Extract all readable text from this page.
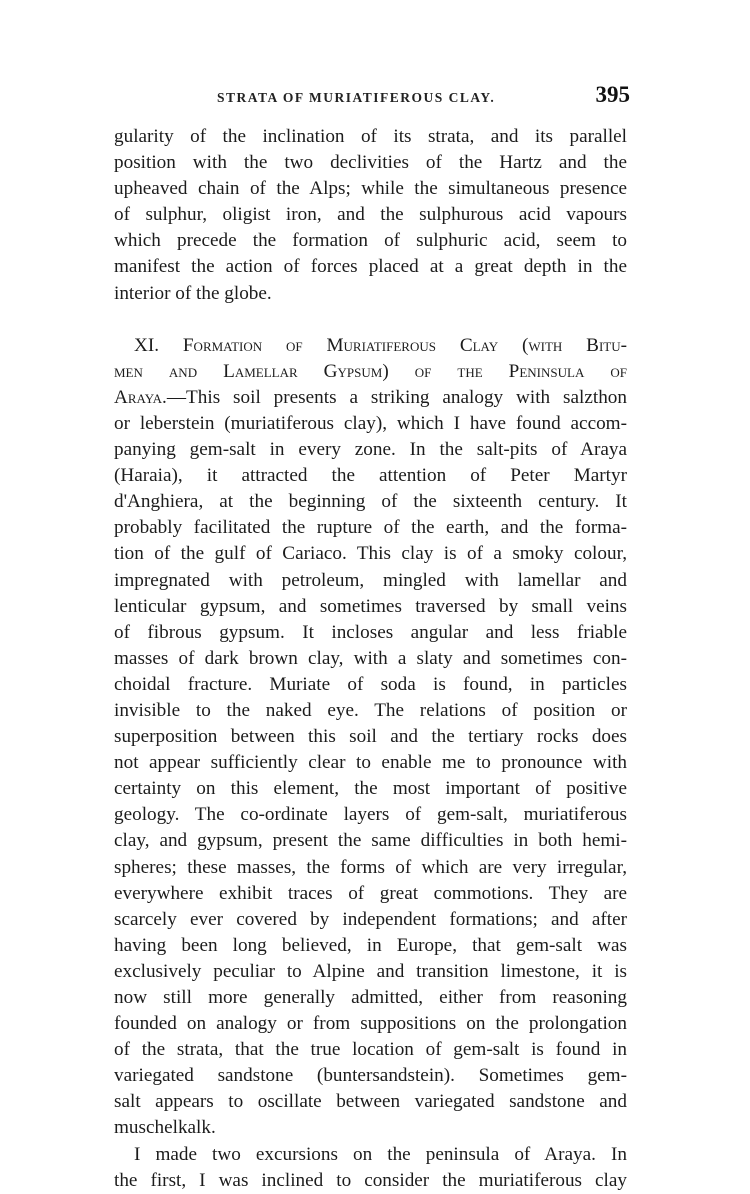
STRATA OF MURIATIFEROUS CLAY.	395
gularity of the inclination of its strata, and its parallel
position with the two declivities of the Hartz and the
upheaved chain of the Alps; while the simultaneous presence
of sulphur, oligist iron, and the sulphurous acid vapours
which precede the formation of sulphuric acid, seem to
manifest the action of forces placed at a great depth in the
interior of the globe.
XI. Formation of Muriatiferous Clay (with Bitu-
men and Lamellar Gypsum) of the Peninsula of
Araya.—This soil presents a striking analogy with salzthon
or leberstein (muriatiferous clay), which I have found accom-
panying gem-salt in every zone. In the salt-pits of Araya
(Haraia), it attracted the attention of Peter Martyr
d'Anghiera, at the beginning of the sixteenth century. It
probably facilitated the rupture of the earth, and the forma-
tion of the gulf of Cariaco. This clay is of a smoky colour,
impregnated with petroleum, mingled with lamellar and
lenticular gypsum, and sometimes traversed by small veins
of fibrous gypsum. It incloses angular and less friable
masses of dark brown clay, with a slaty and sometimes con-
choidal fracture. Muriate of soda is found, in particles
invisible to the naked eye. The relations of position or
superposition between this soil and the tertiary rocks does
not appear sufficiently clear to enable me to pronounce with
certainty on this element, the most important of positive
geology. The co-ordinate layers of gem-salt, muriatiferous
clay, and gypsum, present the same difficulties in both hemi-
spheres; these masses, the forms of which are very irregular,
everywhere exhibit traces of great commotions. They are
scarcely ever covered by independent formations; and after
having been long believed, in Europe, that gem-salt was
exclusively peculiar to Alpine and transition limestone, it is
now still more generally admitted, either from reasoning
founded on analogy or from suppositions on the prolongation
of the strata, that the true location of gem-salt is found in
variegated sandstone (buntersandstein). Sometimes gem-
salt appears to oscillate between variegated sandstone and
muschelkalk.
I made two excursions on the peninsula of Araya. In
the first, I was inclined to consider the muriatiferous clay
